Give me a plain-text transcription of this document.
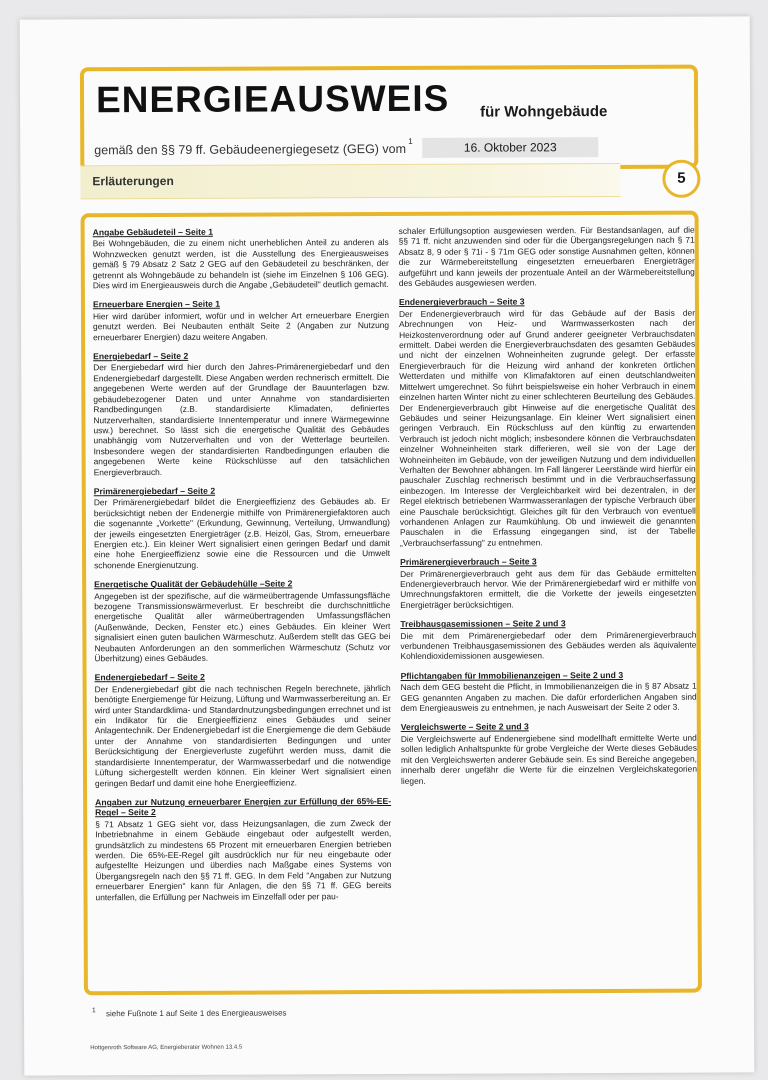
ENERGIEAUSWEIS für Wohngebäude
gemäß den §§ 79 ff. Gebäudeenergiegesetz (GEG) vom
1	16. Oktober 2023
Erläuterungen	5
Angabe Gebäudeteil – Seite 1

Bei Wohngebäuden, die zu einem nicht unerheblichen Anteil zu anderen als Wohnzwecken genutzt werden, ist die Ausstellung des Energieausweises gemäß § 79 Absatz 2 Satz 2 GEG auf den Gebäudeteil zu beschränken, der getrennt als Wohngebäude zu behandeln ist (siehe im Einzelnen § 106 GEG). Dies wird im Energieausweis durch die Angabe „Gebäudeteil" deutlich gemacht.

Erneuerbare Energien – Seite 1

Hier wird darüber informiert, wofür und in welcher Art erneuerbare Energien genutzt werden. Bei Neubauten enthält Seite 2 (Angaben zur Nutzung erneuerbarer Energien) dazu weitere Angaben.

Energiebedarf – Seite 2

Der Energiebedarf wird hier durch den Jahres-Primärenergiebedarf und den Endenergiebedarf dargestellt. Diese Angaben werden rechnerisch ermittelt. Die angegebenen Werte werden auf der Grundlage der Bauunterlagen bzw. gebäudebezogener Daten und unter Annahme von standardisierten Randbedingungen (z.B. standardisierte Klimadaten, definiertes Nutzerverhalten, standardisierte Innentemperatur und innere Wärmegewinne usw.) berechnet. So lässt sich die energetische Qualität des Gebäudes unabhängig vom Nutzerverhalten und von der Wetterlage beurteilen. Insbesondere wegen der standardisierten Randbedingungen erlauben die angegebenen Werte keine Rückschlüsse auf den tatsächlichen Energieverbrauch.

Primärenergiebedarf – Seite 2

Der Primärenergiebedarf bildet die Energieeffizienz des Gebäudes ab. Er berücksichtigt neben der Endenergie mithilfe von Primärenergiefaktoren auch die sogenannte „Vorkette" (Erkundung, Gewinnung, Verteilung, Umwandlung) der jeweils eingesetzten Energieträger (z.B. Heizöl, Gas, Strom, erneuerbare Energien etc.). Ein kleiner Wert signalisiert einen geringen Bedarf und damit eine hohe Energieeffizienz sowie eine die Ressourcen und die Umwelt schonende Energienutzung.

Energetische Qualität der Gebäudehülle –Seite 2

Angegeben ist der spezifische, auf die wärmeübertragende Umfassungsfläche bezogene Transmissionswärmeverlust. Er beschreibt die durchschnittliche energetische Qualität aller wärmeübertragenden Umfassungsflächen (Außenwände, Decken, Fenster etc.) eines Gebäudes. Ein kleiner Wert signalisiert einen guten baulichen Wärmeschutz. Außerdem stellt das GEG bei Neubauten Anforderungen an den sommerlichen Wärmeschutz (Schutz vor Überhitzung) eines Gebäudes.

Endenergiebedarf – Seite 2

Der Endenergiebedarf gibt die nach technischen Regeln berechnete, jährlich benötigte Energiemenge für Heizung, Lüftung und Warmwasserbereitung an. Er wird unter Standardklima- und Standardnutzungsbedingungen errechnet und ist ein Indikator für die Energieeffizienz eines Gebäudes und seiner Anlagentechnik. Der Endenergiebedarf ist die Energiemenge die dem Gebäude unter der Annahme von standardisierten Bedingungen und unter Berücksichtigung der Energieverluste zugeführt werden muss, damit die standardisierte Innentemperatur, der Warmwasserbedarf und die notwendige Lüftung sichergestellt werden können. Ein kleiner Wert signalisiert einen geringen Bedarf und damit eine hohe Energieeffizienz.

Angaben zur Nutzung erneuerbarer Energien zur Erfüllung der 65%-EE-Regel – Seite 2

§ 71 Absatz 1 GEG sieht vor, dass Heizungsanlagen, die zum Zweck der Inbetriebnahme in einem Gebäude eingebaut oder aufgestellt werden, grundsätzlich zu mindestens 65 Prozent mit erneuerbaren Energien betrieben werden. Die 65%-EE-Regel gilt ausdrücklich nur für neu eingebaute oder aufgestellte Heizungen und überdies nach Maßgabe eines Systems von Übergangsregeln nach den §§ 71 ff. GEG. In dem Feld "Angaben zur Nutzung erneuerbarer Energien" kann für Anlagen, die den §§ 71 ff. GEG bereits unterfallen, die Erfüllung per Nachweis im Einzelfall oder per pau-

schaler Erfüllungsoption ausgewiesen werden. Für Bestandsanlagen, auf die §§ 71 ff. nicht anzuwenden sind oder für die Übergangsregelungen nach § 71 Absatz 8, 9 oder § 71i - § 71m GEG oder sonstige Ausnahmen gelten, können die zur Wärmebereitstellung eingesetzten erneuerbaren Energieträger aufgeführt und kann jeweils der prozentuale Anteil an der Wärmebereitstellung des Gebäudes ausgewiesen werden.

Endenergieverbrauch – Seite 3

Der Endenergieverbrauch wird für das Gebäude auf der Basis der Abrechnungen von Heiz- und Warmwasserkosten nach der Heizkostenverordnung oder auf Grund anderer geeigneter Verbrauchsdaten ermittelt. Dabei werden die Energieverbrauchsdaten des gesamten Gebäudes und nicht der einzelnen Wohneinheiten zugrunde gelegt. Der erfasste Energieverbrauch für die Heizung wird anhand der konkreten örtlichen Wetterdaten und mithilfe von Klimafaktoren auf einen deutschlandweiten Mittelwert umgerechnet. So führt beispielsweise ein hoher Verbrauch in einem einzelnen harten Winter nicht zu einer schlechteren Beurteilung des Gebäudes. Der Endenergieverbrauch gibt Hinweise auf die energetische Qualität des Gebäudes und seiner Heizungsanlage. Ein kleiner Wert signalisiert einen geringen Verbrauch. Ein Rückschluss auf den künftig zu erwartenden Verbrauch ist jedoch nicht möglich; insbesondere können die Verbrauchsdaten einzelner Wohneinheiten stark differieren, weil sie von der Lage der Wohneinheiten im Gebäude, von der jeweiligen Nutzung und dem individuellen Verhalten der Bewohner abhängen. Im Fall längerer Leerstände wird hierfür ein pauschaler Zuschlag rechnerisch bestimmt und in die Verbrauchserfassung einbezogen. Im Interesse der Vergleichbarkeit wird bei dezentralen, in der Regel elektrisch betriebenen Warmwasseranlagen der typische Verbrauch über eine Pauschale berücksichtigt. Gleiches gilt für den Verbrauch von eventuell vorhandenen Anlagen zur Raumkühlung. Ob und inwieweit die genannten Pauschalen in die Erfassung eingegangen sind, ist der Tabelle „Verbrauchserfassung" zu entnehmen.

Primärenergieverbrauch – Seite 3

Der Primärenergieverbrauch geht aus dem für das Gebäude ermittelten Endenergieverbrauch hervor. Wie der Primärenergiebedarf wird er mithilfe von Umrechnungsfaktoren ermittelt, die die Vorkette der jeweils eingesetzten Energieträger berücksichtigen.

Treibhausgasemissionen – Seite 2 und 3

Die mit dem Primärenergiebedarf oder dem Primärenergieverbrauch verbundenen Treibhausgasemissionen des Gebäudes werden als äquivalente Kohlendioxidemissionen ausgewiesen.

Pflichtangaben für Immobilienanzeigen – Seite 2 und 3

Nach dem GEG besteht die Pflicht, in Immobilienanzeigen die in § 87 Absatz 1 GEG genannten Angaben zu machen. Die dafür erforderlichen Angaben sind dem Energieausweis zu entnehmen, je nach Ausweisart der Seite 2 oder 3.

Vergleichswerte – Seite 2 und 3

Die Vergleichswerte auf Endenergiebene sind modellhaft ermittelte Werte und sollen lediglich Anhaltspunkte für grobe Vergleiche der Werte dieses Gebäudes mit den Vergleichswerten anderer Gebäude sein. Es sind Bereiche angegeben, innerhalb derer ungefähr die Werte für die einzelnen Vergleichskategorien liegen.

$^1$ siehe Fußnote 1 auf Seite 1 des Energieausweises
Hottgenroth Software AG, Energieberater Wohnen 13.4.5
